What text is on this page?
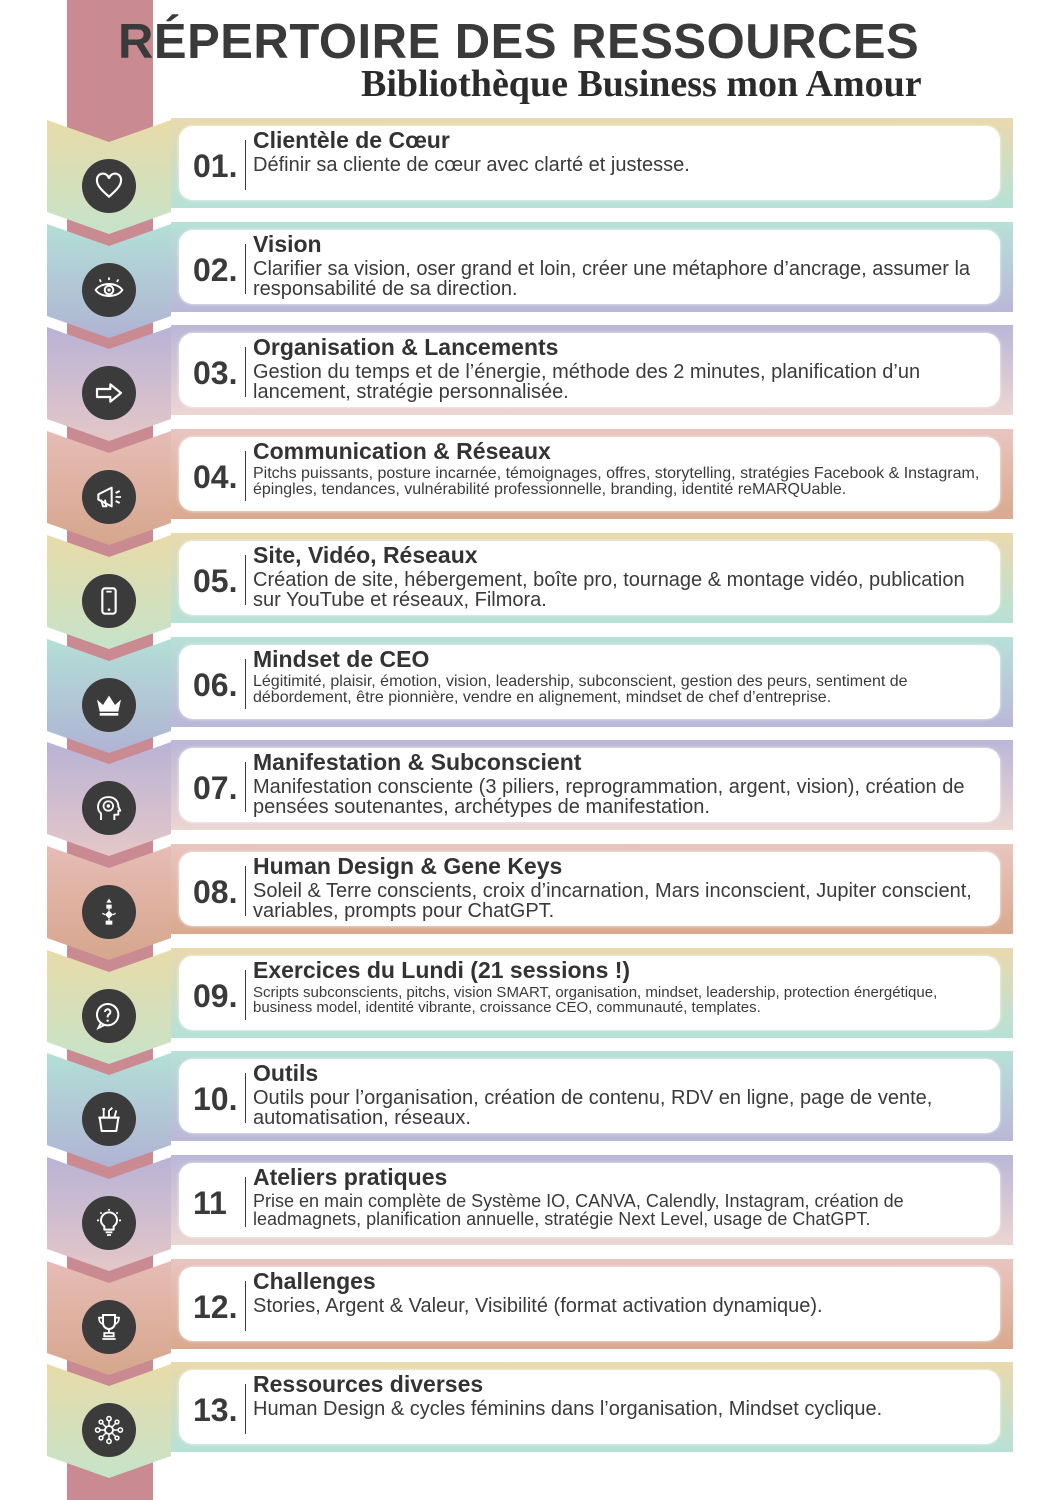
RÉPERTOIRE DES RESSOURCES
Bibliothèque Business mon Amour
01.

Clientèle de Cœur

Définir sa cliente de cœur avec clarté et justesse.

02.

Vision

Clarifier sa vision, oser grand et loin, créer une métaphore d’ancrage, assumer la responsabilité de sa direction.

03.

Organisation & Lancements

Gestion du temps et de l’énergie, méthode des 2 minutes, planification d’un lancement, stratégie personnalisée.

04.

Communication & Réseaux

Pitchs puissants, posture incarnée, témoignages, offres, storytelling, stratégies Facebook & Instagram, épingles, tendances, vulnérabilité professionnelle, branding, identité reMARQUable.

05.

Site, Vidéo, Réseaux

Création de site, hébergement, boîte pro, tournage & montage vidéo, publication sur YouTube et réseaux, Filmora.

06.

Mindset de CEO

Légitimité, plaisir, émotion, vision, leadership, subconscient, gestion des peurs, sentiment de débordement, être pionnière, vendre en alignement, mindset de chef d’entreprise.

07.

Manifestation & Subconscient

Manifestation consciente (3 piliers, reprogrammation, argent, vision), création de pensées soutenantes, archétypes de manifestation.

08.

Human Design & Gene Keys

Soleil & Terre conscients, croix d’incarnation, Mars inconscient, Jupiter conscient, variables, prompts pour ChatGPT.

09.

Exercices du Lundi (21 sessions !)

Scripts subconscients, pitchs, vision SMART, organisation, mindset, leadership, protection énergétique, business model, identité vibrante, croissance CEO, communauté, templates.

10.

Outils

Outils pour l’organisation, création de contenu, RDV en ligne, page de vente, automatisation, réseaux.

11

Ateliers pratiques

Prise en main complète de Système IO, CANVA, Calendly, Instagram, création de leadmagnets, planification annuelle, stratégie Next Level, usage de ChatGPT.

12.

Challenges

Stories, Argent & Valeur, Visibilité (format activation dynamique).

13.

Ressources diverses

Human Design & cycles féminins dans l’organisation, Mindset cyclique.
